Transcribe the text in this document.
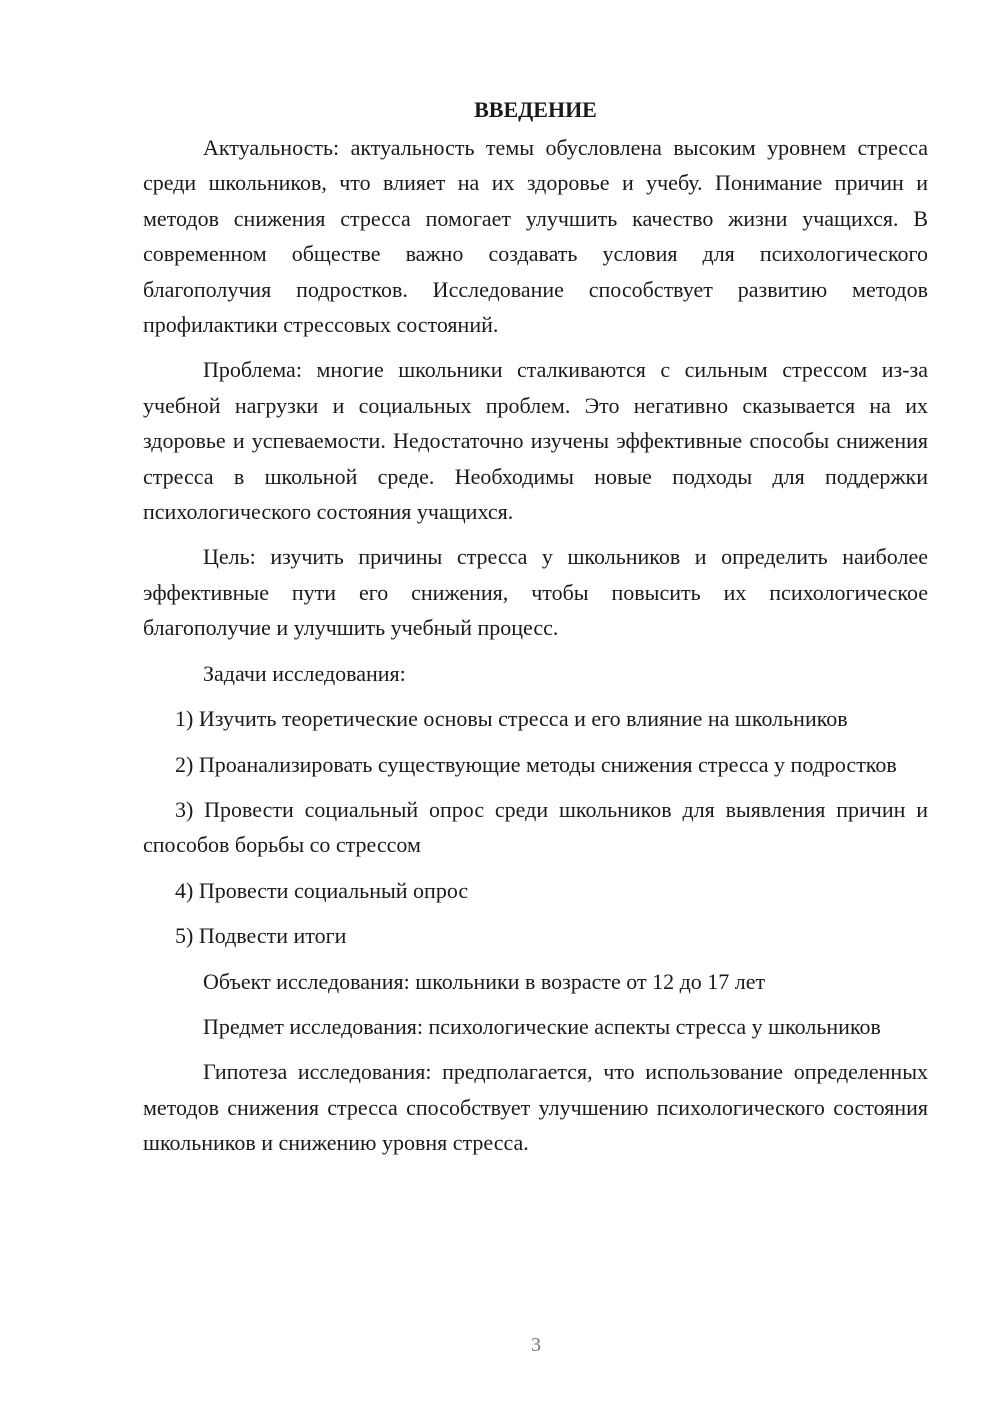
ВВЕДЕНИЕ

Актуальность: актуальность темы обусловлена высоким уровнем стресса среди школьников, что влияет на их здоровье и учебу. Понимание причин и методов снижения стресса помогает улучшить качество жизни учащихся. В современном обществе важно создавать условия для психологического благополучия подростков. Исследование способствует развитию методов профилактики стрессовых состояний.

Проблема: многие школьники сталкиваются с сильным стрессом из-за учебной нагрузки и социальных проблем. Это негативно сказывается на их здоровье и успеваемости. Недостаточно изучены эффективные способы снижения стресса в школьной среде. Необходимы новые подходы для поддержки психологического состояния учащихся.

Цель: изучить причины стресса у школьников и определить наиболее эффективные пути его снижения, чтобы повысить их психологическое благополучие и улучшить учебный процесс.

Задачи исследования:

1) Изучить теоретические основы стресса и его влияние на школьников

2) Проанализировать существующие методы снижения стресса у подростков

3) Провести социальный опрос среди школьников для выявления причин и способов борьбы со стрессом

4) Провести социальный опрос

5) Подвести итоги

Объект исследования: школьники в возрасте от 12 до 17 лет

Предмет исследования: психологические аспекты стресса у школьников

Гипотеза исследования: предполагается, что использование определенных методов снижения стресса способствует улучшению психологического состояния школьников и снижению уровня стресса.

3
